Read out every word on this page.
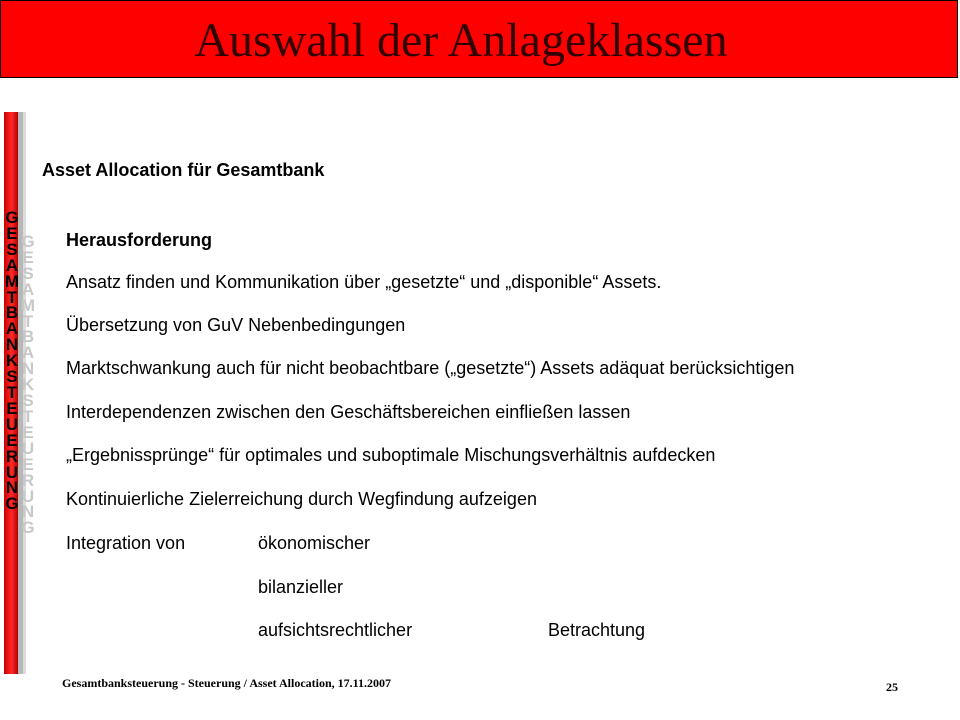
Auswahl der Anlageklassen
G
E
S
A
M
T
B
A
N
K
S
T
E
U
E
R
U
N
G
G
E
S
A
M
T
B
A
N
K
S
T
E
U
E
R
U
N
G
Asset Allocation für Gesamtbank
Herausforderung
Ansatz finden und Kommunikation über „gesetzte“ und „disponible“ Assets.
Übersetzung von GuV Nebenbedingungen
Marktschwankung auch für nicht beobachtbare („gesetzte“) Assets adäquat berücksichtigen
Interdependenzen zwischen den Geschäftsbereichen einfließen lassen
„Ergebnissprünge“ für optimales und suboptimale Mischungsverhältnis aufdecken
Kontinuierliche Zielerreichung durch Wegfindung aufzeigen
Integration von	ökonomischer
bilanzieller
aufsichtsrechtlicher	Betrachtung
Gesamtbanksteuerung - Steuerung / Asset Allocation, 17.11.2007	25
